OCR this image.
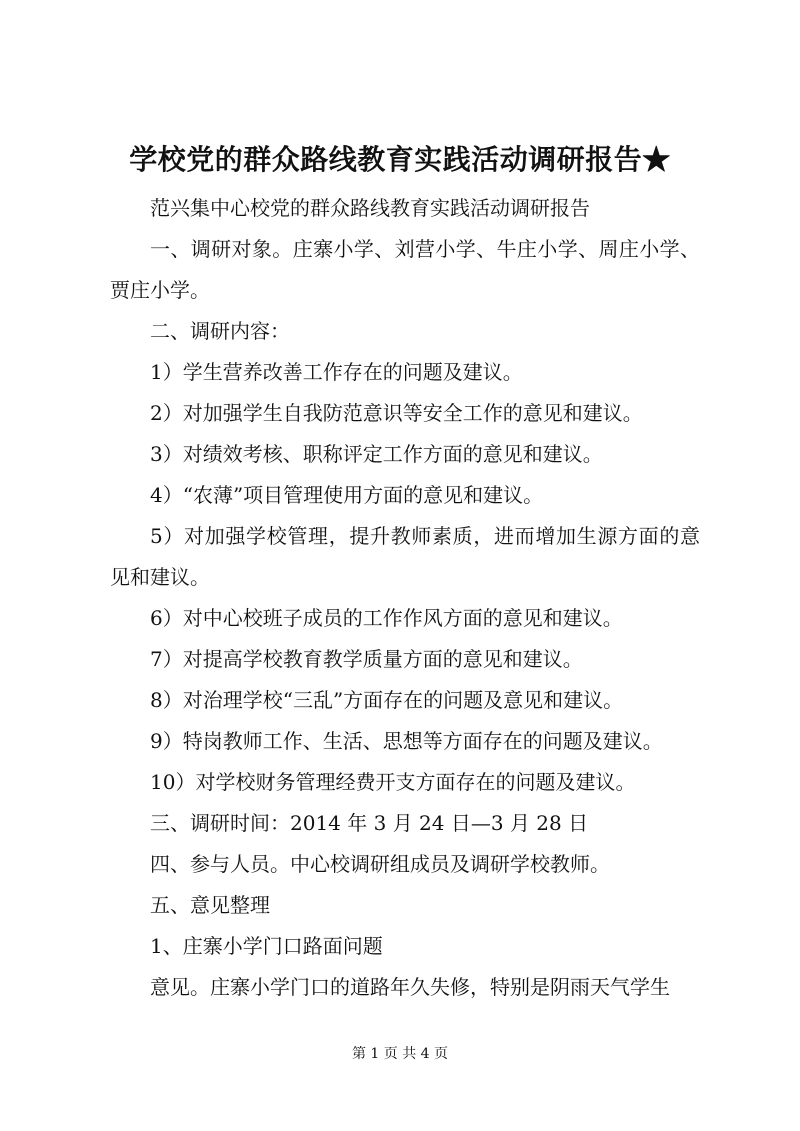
学校党的群众路线教育实践活动调研报告★

范兴集中心校党的群众路线教育实践活动调研报告

一、调研对象。庄寨小学、刘营小学、牛庄小学、周庄小学、贾庄小学。

二、调研内容：

1）学生营养改善工作存在的问题及建议。

2）对加强学生自我防范意识等安全工作的意见和建议。

3）对绩效考核、职称评定工作方面的意见和建议。

4）“农薄”项目管理使用方面的意见和建议。

5）对加强学校管理，提升教师素质，进而增加生源方面的意见和建议。

6）对中心校班子成员的工作作风方面的意见和建议。

7）对提高学校教育教学质量方面的意见和建议。

8）对治理学校“三乱”方面存在的问题及意见和建议。

9）特岗教师工作、生活、思想等方面存在的问题及建议。

10）对学校财务管理经费开支方面存在的问题及建议。

三、调研时间：2014 年 3 月 24 日—3 月 28 日

四、参与人员。中心校调研组成员及调研学校教师。

五、意见整理

1、庄寨小学门口路面问题

意见。庄寨小学门口的道路年久失修，特别是阴雨天气学生

第 1 页 共 4 页
